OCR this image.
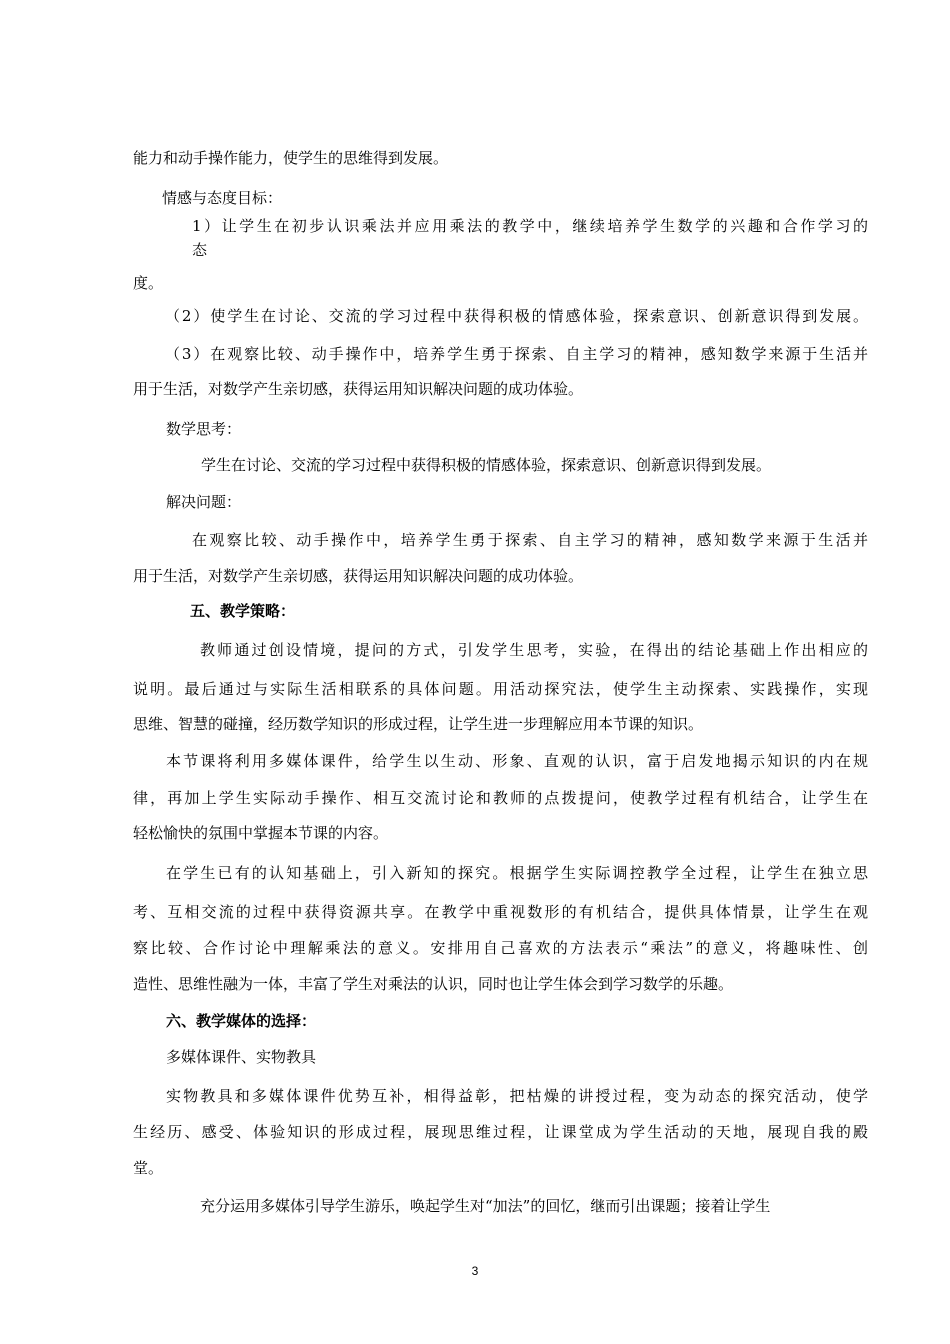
能力和动手操作能力，使学生的思维得到发展。
情感与态度目标：
1）让学生在初步认识乘法并应用乘法的教学中，继续培养学生数学的兴趣和合作学习的
态
度。
（2）使学生在讨论、交流的学习过程中获得积极的情感体验，探索意识、创新意识得到发展。
（3）在观察比较、动手操作中，培养学生勇于探索、自主学习的精神，感知数学来源于生活并
用于生活，对数学产生亲切感，获得运用知识解决问题的成功体验。
数学思考：
学生在讨论、交流的学习过程中获得积极的情感体验，探索意识、创新意识得到发展。
解决问题：
在观察比较、动手操作中，培养学生勇于探索、自主学习的精神，感知数学来源于生活并
用于生活，对数学产生亲切感，获得运用知识解决问题的成功体验。
五、教学策略：
教师通过创设情境，提问的方式，引发学生思考，实验，在得出的结论基础上作出相应的
说明。最后通过与实际生活相联系的具体问题。用活动探究法，使学生主动探索、实践操作，实现
思维、智慧的碰撞，经历数学知识的形成过程，让学生进一步理解应用本节课的知识。
本节课将利用多媒体课件，给学生以生动、形象、直观的认识，富于启发地揭示知识的内在规
律，再加上学生实际动手操作、相互交流讨论和教师的点拨提问，使教学过程有机结合，让学生在
轻松愉快的氛围中掌握本节课的内容。
在学生已有的认知基础上，引入新知的探究。根据学生实际调控教学全过程，让学生在独立思
考、互相交流的过程中获得资源共享。在教学中重视数形的有机结合，提供具体情景，让学生在观
察比较、合作讨论中理解乘法的意义。安排用自己喜欢的方法表示“乘法”的意义，将趣味性、创
造性、思维性融为一体，丰富了学生对乘法的认识，同时也让学生体会到学习数学的乐趣。
六、教学媒体的选择：
多媒体课件、实物教具
实物教具和多媒体课件优势互补，相得益彰，把枯燥的讲授过程，变为动态的探究活动，使学
生经历、感受、体验知识的形成过程，展现思维过程，让课堂成为学生活动的天地，展现自我的殿
堂。
充分运用多媒体引导学生游乐，唤起学生对“加法”的回忆，继而引出课题；接着让学生
3
